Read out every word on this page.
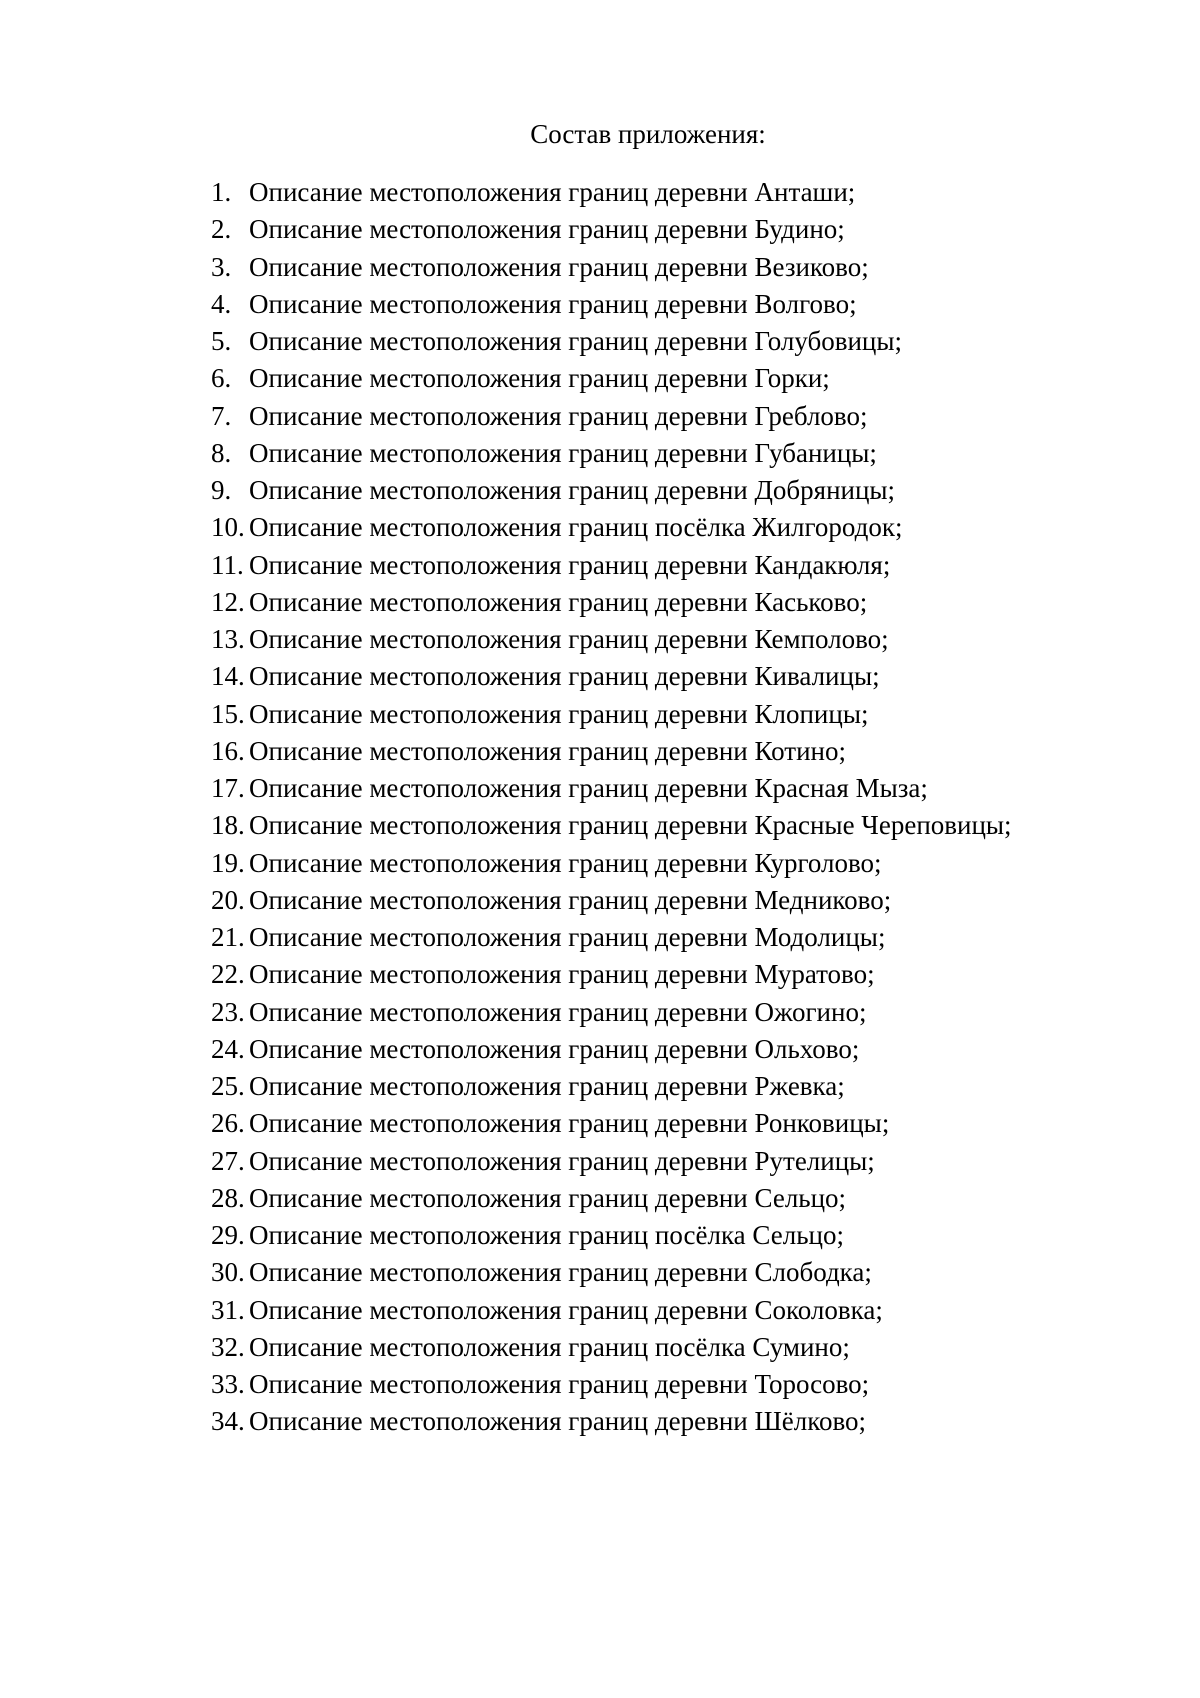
Состав приложения:
1. Описание местоположения границ деревни Анташи;
2. Описание местоположения границ деревни Будино;
3. Описание местоположения границ деревни Везиково;
4. Описание местоположения границ деревни Волгово;
5. Описание местоположения границ деревни Голубовицы;
6. Описание местоположения границ деревни Горки;
7. Описание местоположения границ деревни Греблово;
8. Описание местоположения границ деревни Губаницы;
9. Описание местоположения границ деревни Добряницы;
10. Описание местоположения границ посёлка Жилгородок;
11. Описание местоположения границ деревни Кандакюля;
12. Описание местоположения границ деревни Каськово;
13. Описание местоположения границ деревни Кемполово;
14. Описание местоположения границ деревни Кивалицы;
15. Описание местоположения границ деревни Клопицы;
16. Описание местоположения границ деревни Котино;
17. Описание местоположения границ деревни Красная Мыза;
18. Описание местоположения границ деревни Красные Череповицы;
19. Описание местоположения границ деревни Курголово;
20. Описание местоположения границ деревни Медниково;
21. Описание местоположения границ деревни Модолицы;
22. Описание местоположения границ деревни Муратово;
23. Описание местоположения границ деревни Ожогино;
24. Описание местоположения границ деревни Ольхово;
25. Описание местоположения границ деревни Ржевка;
26. Описание местоположения границ деревни Ронковицы;
27. Описание местоположения границ деревни Рутелицы;
28. Описание местоположения границ деревни Сельцо;
29. Описание местоположения границ посёлка Сельцо;
30. Описание местоположения границ деревни Слободка;
31. Описание местоположения границ деревни Соколовка;
32. Описание местоположения границ посёлка Сумино;
33. Описание местоположения границ деревни Торосово;
34. Описание местоположения границ деревни Шёлково;
